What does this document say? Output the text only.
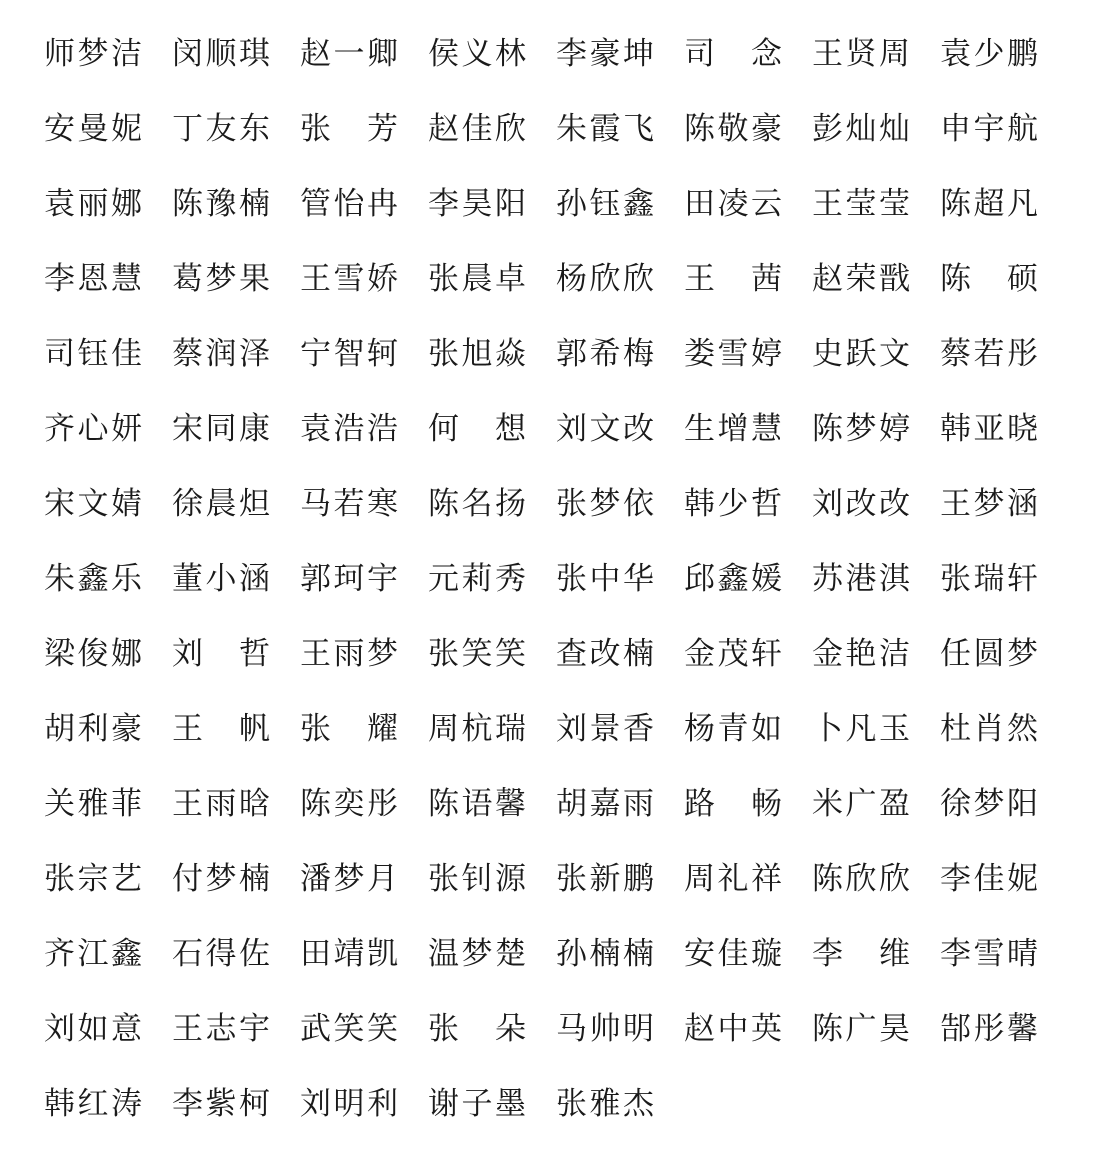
师 梦 洁 闵 顺 琪 赵 一 卿 侯 义 林 李 豪 坤 司 念 王 贤 周 袁 少 鹏
安 曼 妮 丁 友 东 张 芳 赵 佳 欣 朱 霞 飞 陈 敬 豪 彭 灿 灿 申 宇 航
袁 丽 娜 陈 豫 楠 管 怡 冉 李 昊 阳 孙 钰 鑫 田 凌 云 王 莹 莹 陈 超 凡
李 恩 慧 葛 梦 果 王 雪 娇 张 晨 卓 杨 欣 欣 王 茜 赵 荣 戬 陈 硕
司 钰 佳 蔡 润 泽 宁 智 轲 张 旭 焱 郭 希 梅 娄 雪 婷 史 跃 文 蔡 若 彤
齐 心 妍 宋 同 康 袁 浩 浩 何 想 刘 文 改 生 增 慧 陈 梦 婷 韩 亚 晓
宋 文 婧 徐 晨 炟 马 若 寒 陈 名 扬 张 梦 依 韩 少 哲 刘 改 改 王 梦 涵
朱 鑫 乐 董 小 涵 郭 珂 宇 元 莉 秀 张 中 华 邱 鑫 媛 苏 港 淇 张 瑞 轩
梁 俊 娜 刘 哲 王 雨 梦 张 笑 笑 查 改 楠 金 茂 轩 金 艳 洁 任 圆 梦
胡 利 豪 王 帆 张 耀 周 杭 瑞 刘 景 香 杨 青 如 卜 凡 玉 杜 肖 然
关 雅 菲 王 雨 晗 陈 奕 彤 陈 语 馨 胡 嘉 雨 路 畅 米 广 盈 徐 梦 阳
张 宗 艺 付 梦 楠 潘 梦 月 张 钊 源 张 新 鹏 周 礼 祥 陈 欣 欣 李 佳 妮
齐 江 鑫 石 得 佐 田 靖 凯 温 梦 楚 孙 楠 楠 安 佳 璇 李 维 李 雪 晴
刘 如 意 王 志 宇 武 笑 笑 张 朵 马 帅 明 赵 中 英 陈 广 昊 郜 彤 馨
韩 红 涛 李 紫 柯 刘 明 利 谢 子 墨 张 雅 杰
